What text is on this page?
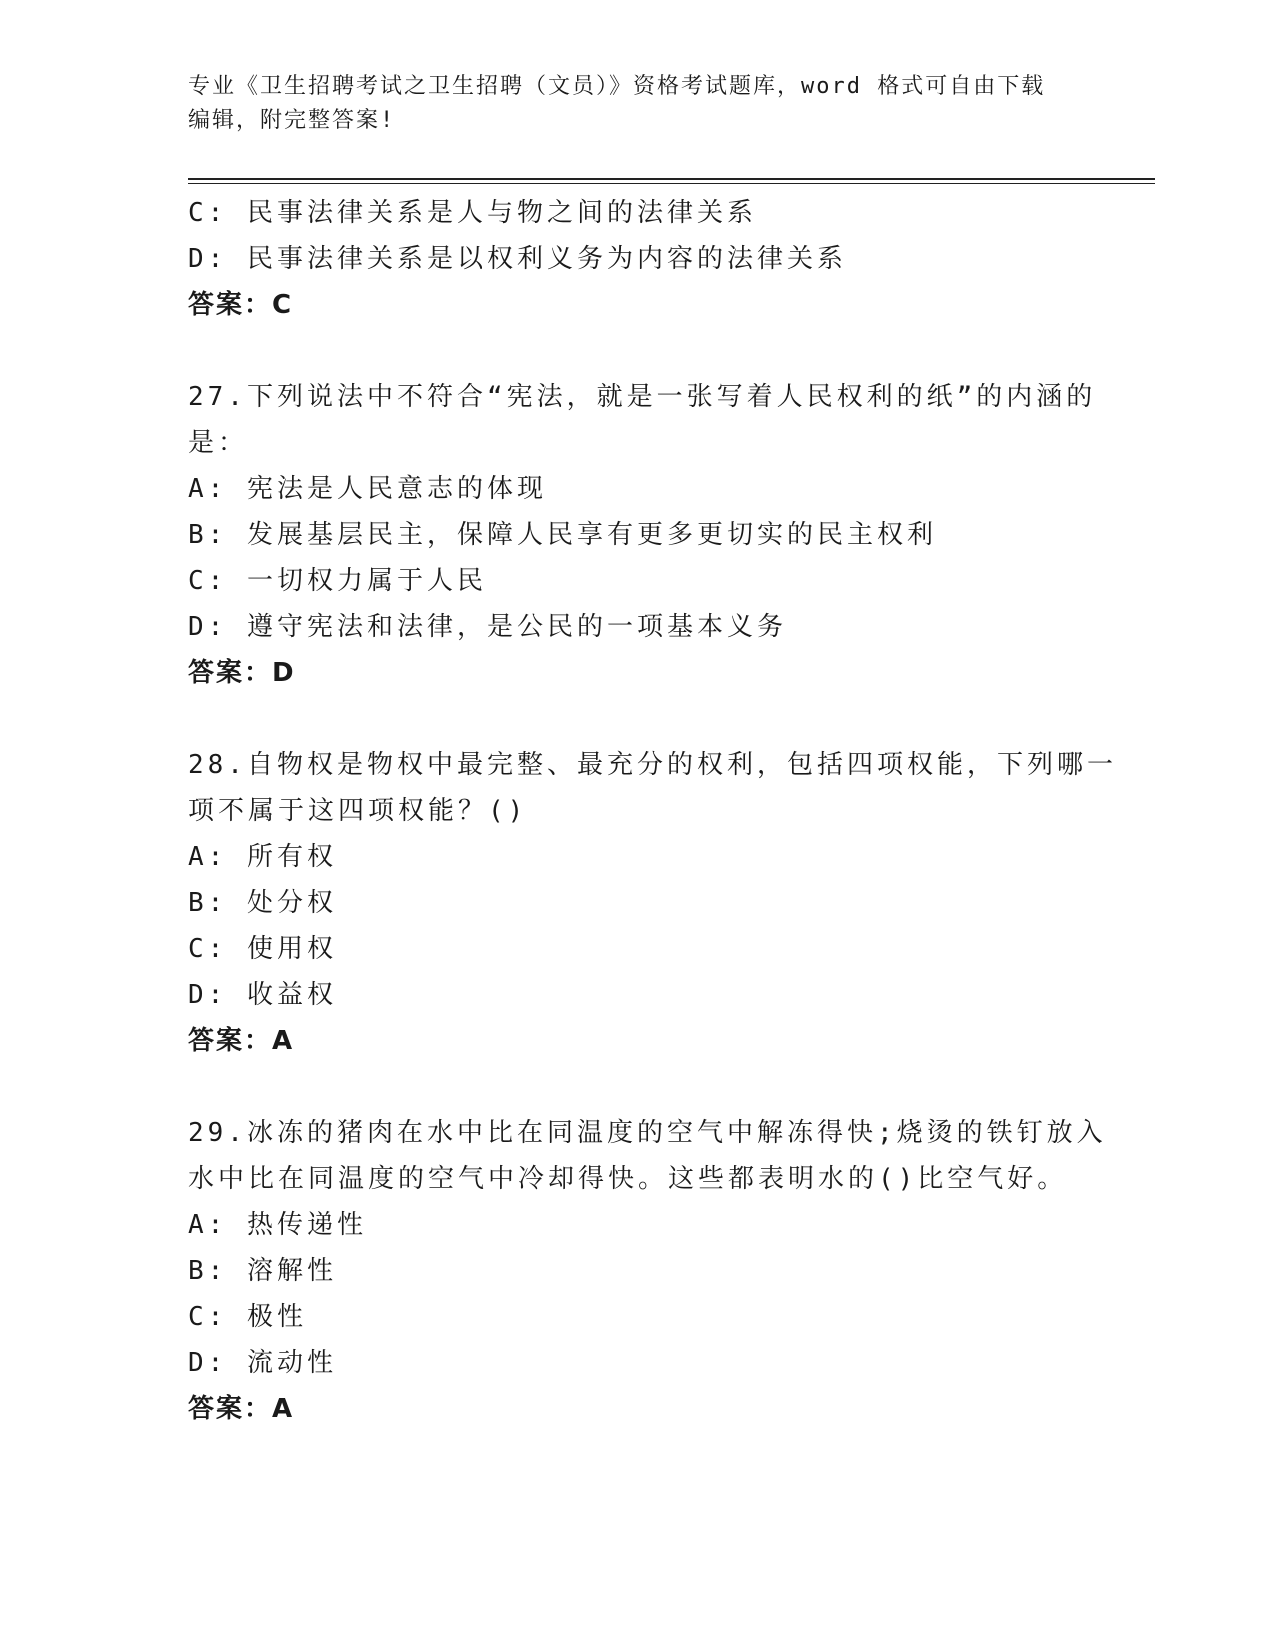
专业《卫生招聘考试之卫生招聘（文员）》资格考试题库，word 格式可自由下载
编辑，附完整答案!
C: 民事法律关系是人与物之间的法律关系
D: 民事法律关系是以权利义务为内容的法律关系
答案：C
27.下列说法中不符合“宪法，就是一张写着人民权利的纸”的内涵的
是：
A: 宪法是人民意志的体现
B: 发展基层民主，保障人民享有更多更切实的民主权利
C: 一切权力属于人民
D: 遵守宪法和法律，是公民的一项基本义务
答案：D
28.自物权是物权中最完整、最充分的权利，包括四项权能，下列哪一
项不属于这四项权能？()
A: 所有权
B: 处分权
C: 使用权
D: 收益权
答案：A
29.冰冻的猪肉在水中比在同温度的空气中解冻得快;烧烫的铁钉放入
水中比在同温度的空气中冷却得快。这些都表明水的()比空气好。
A: 热传递性
B: 溶解性
C: 极性
D: 流动性
答案：A
